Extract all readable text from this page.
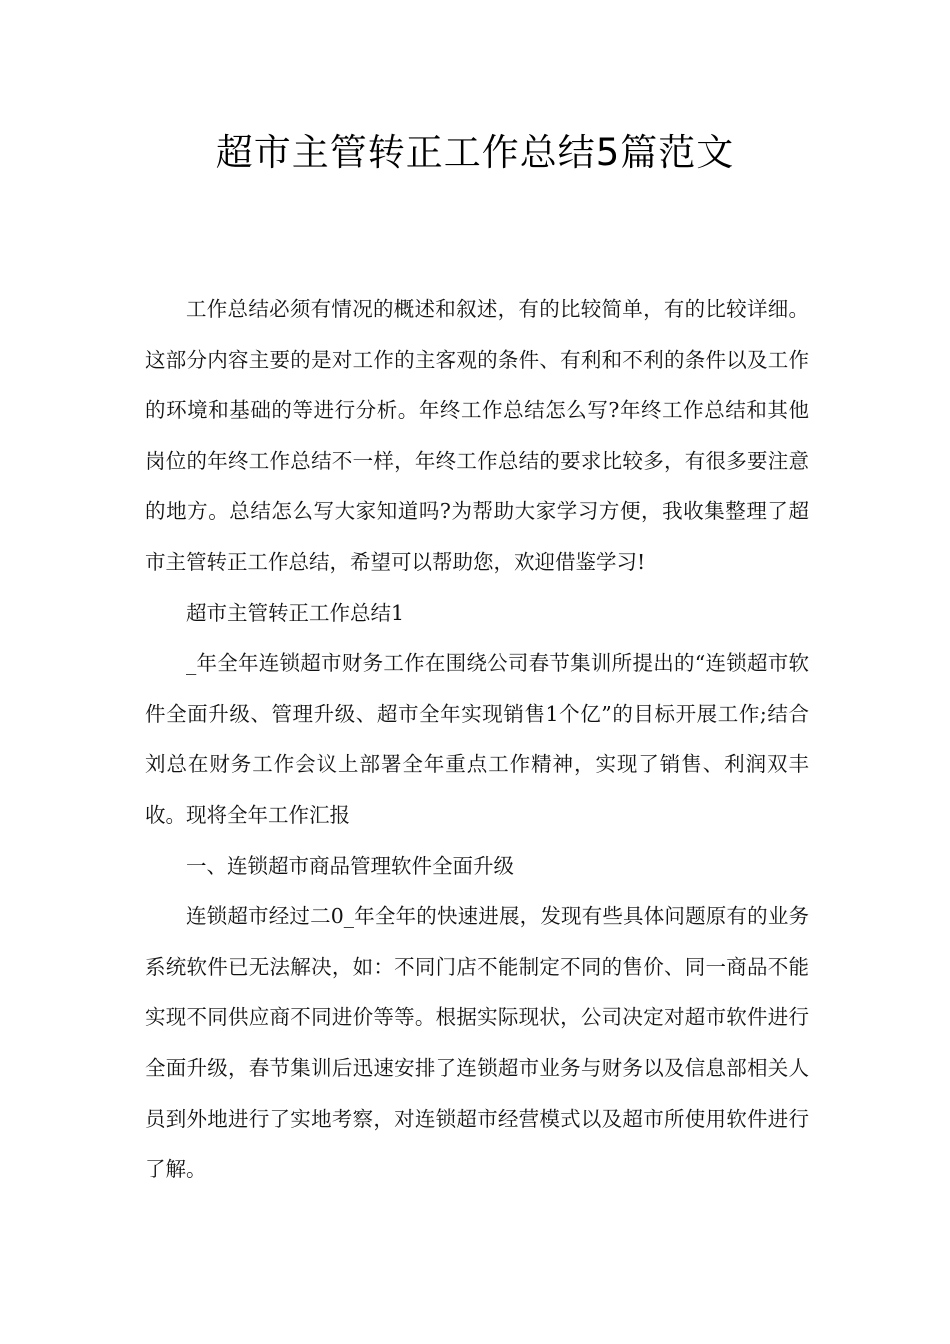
超市主管转正工作总结5篇范文

工作总结必须有情况的概述和叙述，有的比较简单，有的比较详细。这部分内容主要的是对工作的主客观的条件、有利和不利的条件以及工作的环境和基础的等进行分析。年终工作总结怎么写?年终工作总结和其他岗位的年终工作总结不一样，年终工作总结的要求比较多，有很多要注意的地方。总结怎么写大家知道吗?为帮助大家学习方便，我收集整理了超市主管转正工作总结，希望可以帮助您，欢迎借鉴学习!

超市主管转正工作总结1

_年全年连锁超市财务工作在围绕公司春节集训所提出的“连锁超市软件全面升级、管理升级、超市全年实现销售1个亿”的目标开展工作;结合刘总在财务工作会议上部署全年重点工作精神，实现了销售、利润双丰收。现将全年工作汇报

一、连锁超市商品管理软件全面升级

连锁超市经过二0_年全年的快速进展，发现有些具体问题原有的业务系统软件已无法解决，如：不同门店不能制定不同的售价、同一商品不能实现不同供应商不同进价等等。根据实际现状，公司决定对超市软件进行全面升级，春节集训后迅速安排了连锁超市业务与财务以及信息部相关人员到外地进行了实地考察，对连锁超市经营模式以及超市所使用软件进行了解。
